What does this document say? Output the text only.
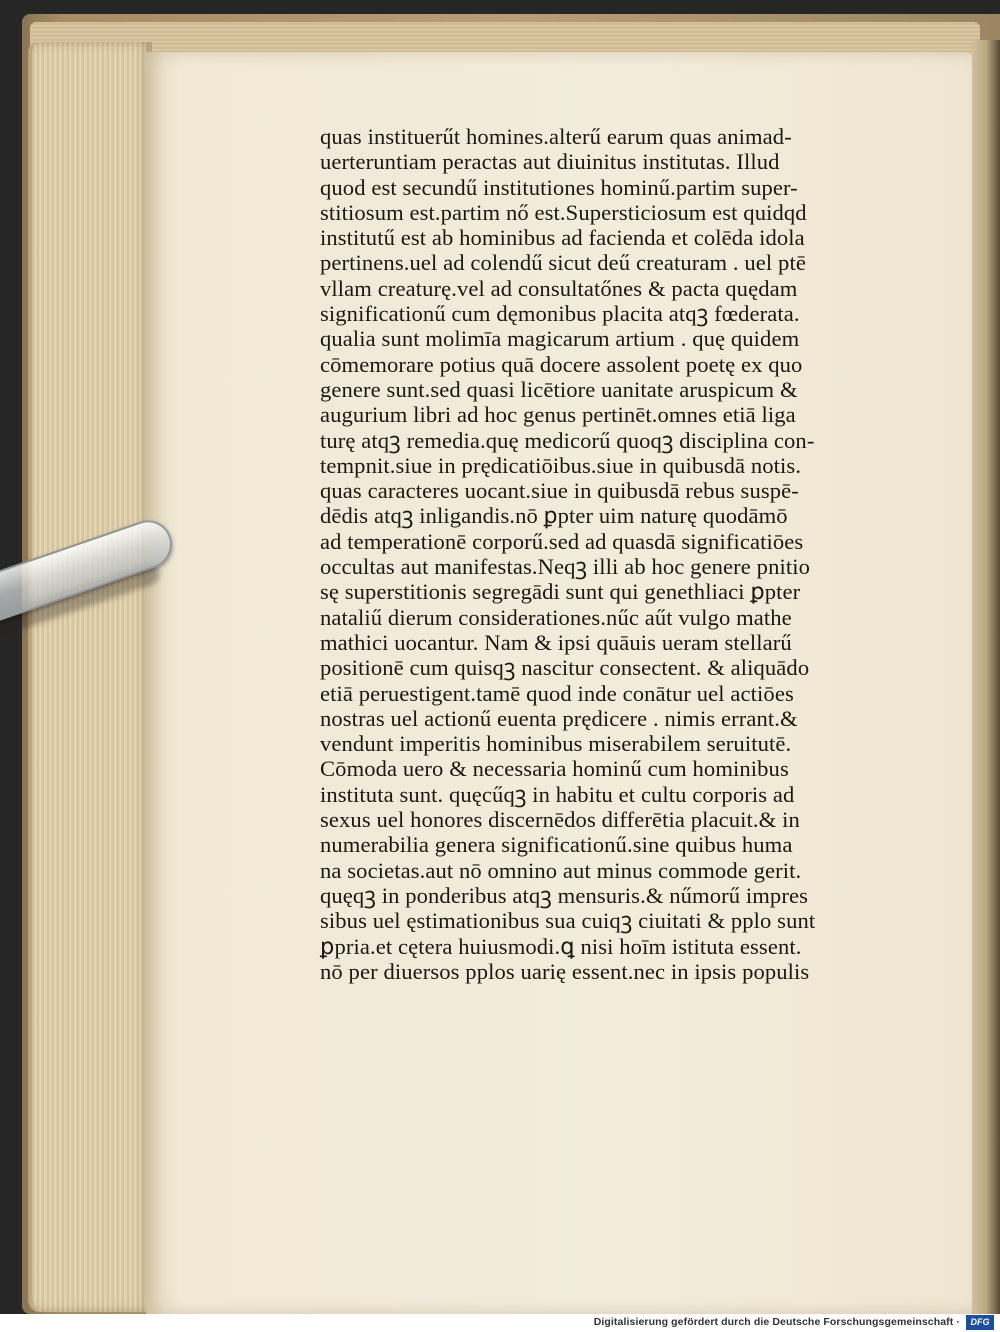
quas instituerűt homines.alterű earum quas animad-
uerteruntiam peractas aut diuinitus institutas. Illud
quod est secundű institutiones hominű.partim super-
stitiosum est.partim nő est.Supersticiosum est quidqd
institutű est ab hominibus ad facienda et colēda idola
pertinens.uel ad colendű sicut deű creaturam . uel ptē
vllam creaturę.vel ad consultatőnes & pacta quędam
significationű cum dęmonibus placita atqꝫ fœderata.
qualia sunt molimīa magicarum artium . quę quidem
cōmemorare potius quā docere assolent poetę ex quo
genere sunt.sed quasi licētiore uanitate aruspicum &
augurium libri ad hoc genus pertinēt.omnes etiā liga
turę atqꝫ remedia.quę medicorű quoqꝫ disciplina con-
tempnit.siue in prędicatiōibus.siue in quibusdā notis.
quas caracteres uocant.siue in quibusdā rebus suspē-
dēdis atqꝫ inligandis.nō ꝑpter uim naturę quodāmō
ad temperationē corporű.sed ad quasdā significatiōes
occultas aut manifestas.Neqꝫ illi ab hoc genere pnitio
sę superstitionis segregādi sunt qui genethliaci ꝑpter
nataliű dierum considerationes.nűc aűt vulgo mathe
mathici uocantur. Nam & ipsi quāuis ueram stellarű
positionē cum quisqꝫ nascitur consectent. & aliquādo
etiā peruestigent.tamē quod inde conātur uel actiōes
nostras uel actionű euenta prędicere . nimis errant.&
vendunt imperitis hominibus miserabilem seruitutē.
Cōmoda uero & necessaria hominű cum hominibus
instituta sunt. quęcűqꝫ in habitu et cultu corporis ad
sexus uel honores discernēdos differētia placuit.& in
numerabilia genera significationű.sine quibus huma
na societas.aut nō omnino aut minus commode gerit.
quęqꝫ in ponderibus atqꝫ mensuris.& nűmorű impres
sibus uel ęstimationibus sua cuiqꝫ ciuitati & pplo sunt
ꝑpria.et cętera huiusmodi.ꝗ nisi hoīm istituta essent.
nō per diuersos pplos uarię essent.nec in ipsis populis
Digitalisierung gefördert durch die Deutsche Forschungsgemeinschaft ·	DFG
